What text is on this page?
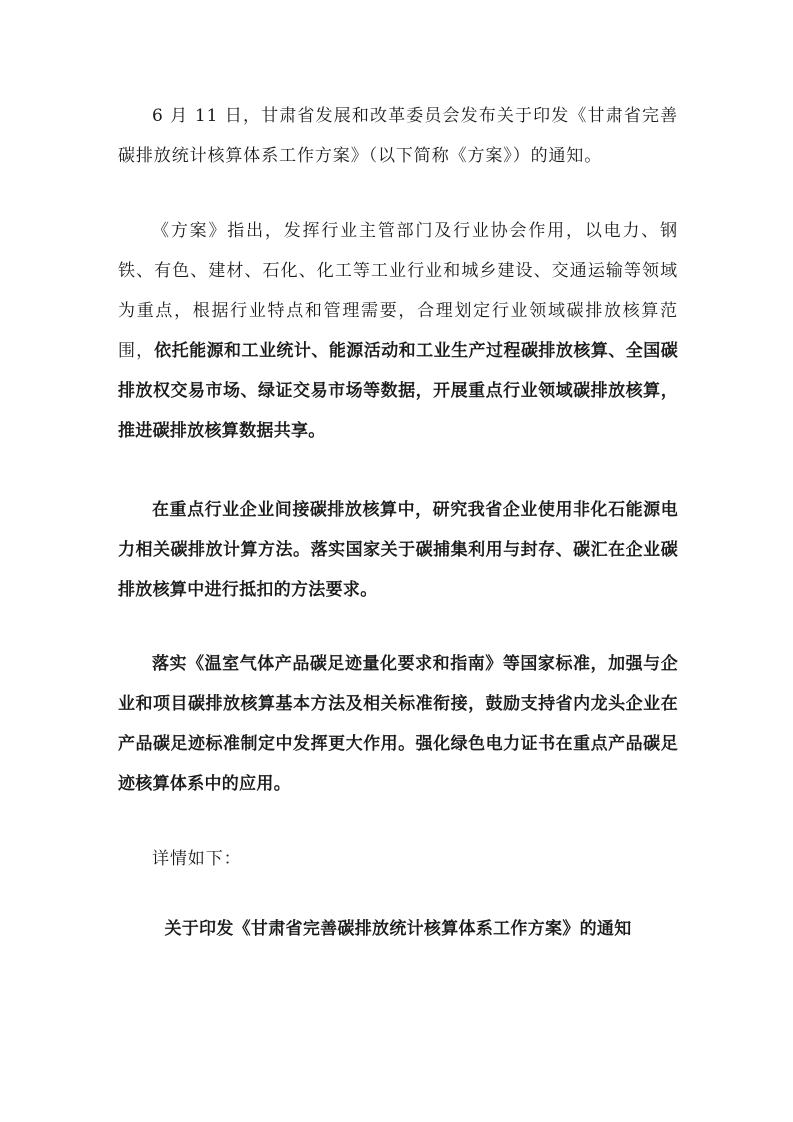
6 月 11 日，甘肃省发展和改革委员会发布关于印发《甘肃省完善碳排放统计核算体系工作方案》（以下简称《方案》）的通知。

《方案》指出，发挥行业主管部门及行业协会作用，以电力、钢铁、有色、建材、石化、化工等工业行业和城乡建设、交通运输等领域为重点，根据行业特点和管理需要，合理划定行业领域碳排放核算范围，依托能源和工业统计、能源活动和工业生产过程碳排放核算、全国碳排放权交易市场、绿证交易市场等数据，开展重点行业领域碳排放核算，推进碳排放核算数据共享。

在重点行业企业间接碳排放核算中，研究我省企业使用非化石能源电力相关碳排放计算方法。落实国家关于碳捕集利用与封存、碳汇在企业碳排放核算中进行抵扣的方法要求。

落实《温室气体产品碳足迹量化要求和指南》等国家标准，加强与企业和项目碳排放核算基本方法及相关标准衔接，鼓励支持省内龙头企业在产品碳足迹标准制定中发挥更大作用。强化绿色电力证书在重点产品碳足迹核算体系中的应用。

详情如下：

关于印发《甘肃省完善碳排放统计核算体系工作方案》的通知
